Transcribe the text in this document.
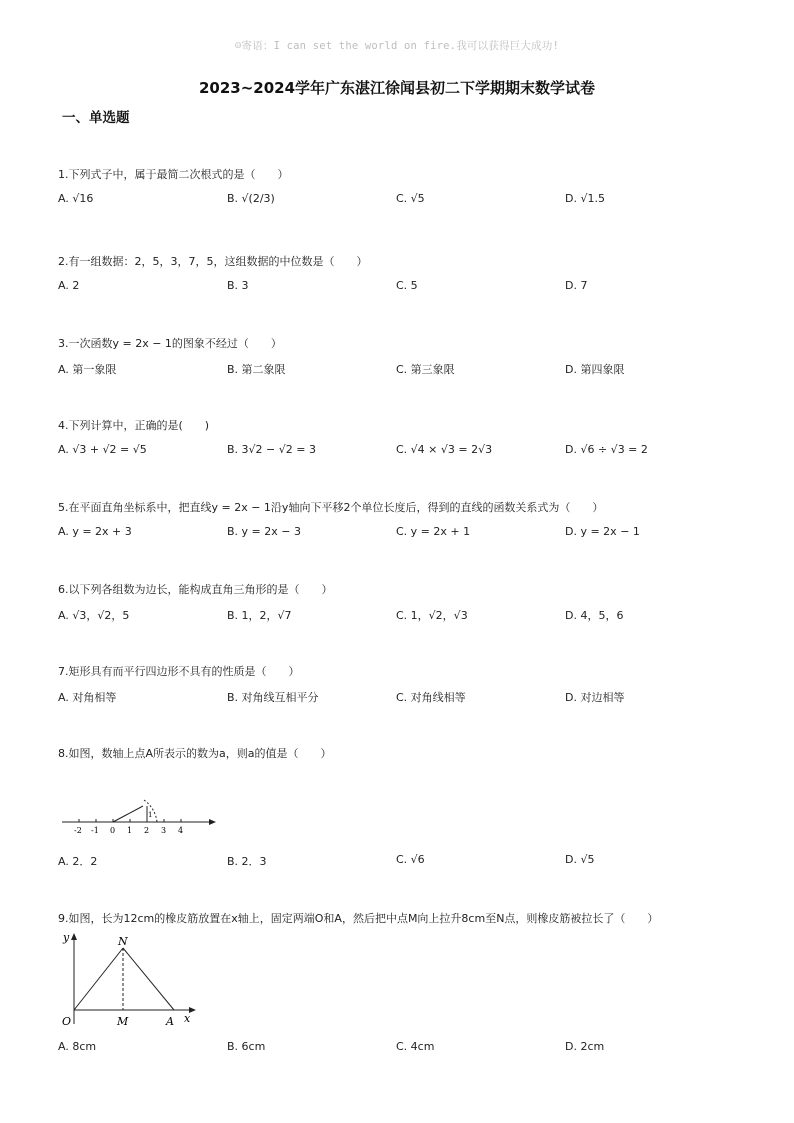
☺寄语：I can set the world on fire.我可以获得巨大成功!
2023~2024学年广东湛江徐闻县初二下学期期末数学试卷
一、单选题
1.下列式子中，属于最简二次根式的是（　　）
A. √16	B. √(2/3)	C. √5	D. √1.5
2.有一组数据：2，5，3，7，5，这组数据的中位数是（　　）
A. 2	B. 3	C. 5	D. 7
3.一次函数y = 2x − 1的图象不经过（　　）
A. 第一象限	B. 第二象限	C. 第三象限	D. 第四象限
4.下列计算中，正确的是(　　)
A. √3 + √2 = √5	B. 3√2 − √2 = 3	C. √4 × √3 = 2√3	D. √6 ÷ √3 = 2
5.在平面直角坐标系中，把直线y = 2x − 1沿y轴向下平移2个单位长度后，得到的直线的函数关系式为（　　）
A. y = 2x + 3	B. y = 2x − 3	C. y = 2x + 1	D. y = 2x − 1
6.以下列各组数为边长，能构成直角三角形的是（　　）
A. √3，√2，5	B. 1，2，√7	C. 1，√2，√3	D. 4，5，6
7.矩形具有而平行四边形不具有的性质是（　　）
A. 对角相等	B. 对角线互相平分	C. 对角线相等	D. 对边相等
8.如图，数轴上点A所表示的数为a，则a的值是（　　）
1
-2 -1 0 1 2 3 4
A. 2．2	B. 2．3	C. √6	D. √5
9.如图，长为12cm的橡皮筋放置在x轴上，固定两端O和A，然后把中点M向上拉升8cm至N点，则橡皮筋被拉长了（　　）
y	N
O	M	A x
A. 8cm	B. 6cm	C. 4cm	D. 2cm
